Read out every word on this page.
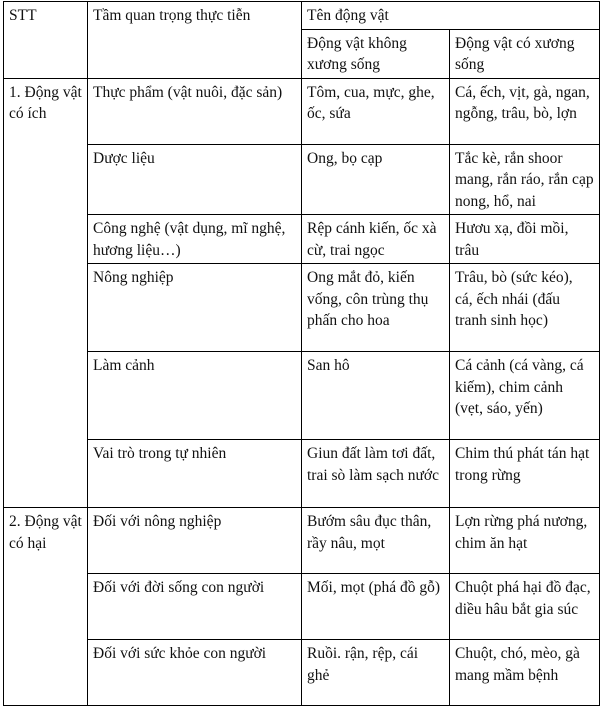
STT	Tầm quan trọng thực tiễn	Tên động vật	
		Động vật không xương sống	Động vật có xương sống
1. Động vật có ích	Thực phẩm (vật nuôi, đặc sản)	Tôm, cua, mực, ghe, ốc, sứa	Cá, ếch, vịt, gà, ngan, ngỗng, trâu, bò, lợn
	Dược liệu	Ong, bọ cạp	Tắc kè, rắn shoor mang, rắn ráo, rắn cạp nong, hổ, nai
	Công nghệ (vật dụng, mĩ nghệ, hương liệu…)	Rệp cánh kiến, ốc xà cừ, trai ngọc	Hươu xạ, đồi mồi, trâu
	Nông nghiệp	Ong mắt đỏ, kiến vống, côn trùng thụ phấn cho hoa	Trâu, bò (sức kéo), cá, ếch nhái (đấu tranh sinh học)
	Làm cảnh	San hô	Cá cảnh (cá vàng, cá kiếm), chim cảnh (vẹt, sáo, yến)
	Vai trò trong tự nhiên	Giun đất làm tơi đất, trai sò làm sạch nước	Chim thú phát tán hạt trong rừng
2. Động vật có hại	Đối với nông nghiệp	Bướm sâu đục thân, rầy nâu, mọt	Lợn rừng phá nương, chim ăn hạt
	Đối với đời sống con người	Mối, mọt (phá đồ gỗ)	Chuột phá hại đồ đạc, diều hâu bắt gia súc
	Đối với sức khỏe con người	Ruồi. rận, rệp, cái ghẻ	Chuột, chó, mèo, gà mang mầm bệnh
